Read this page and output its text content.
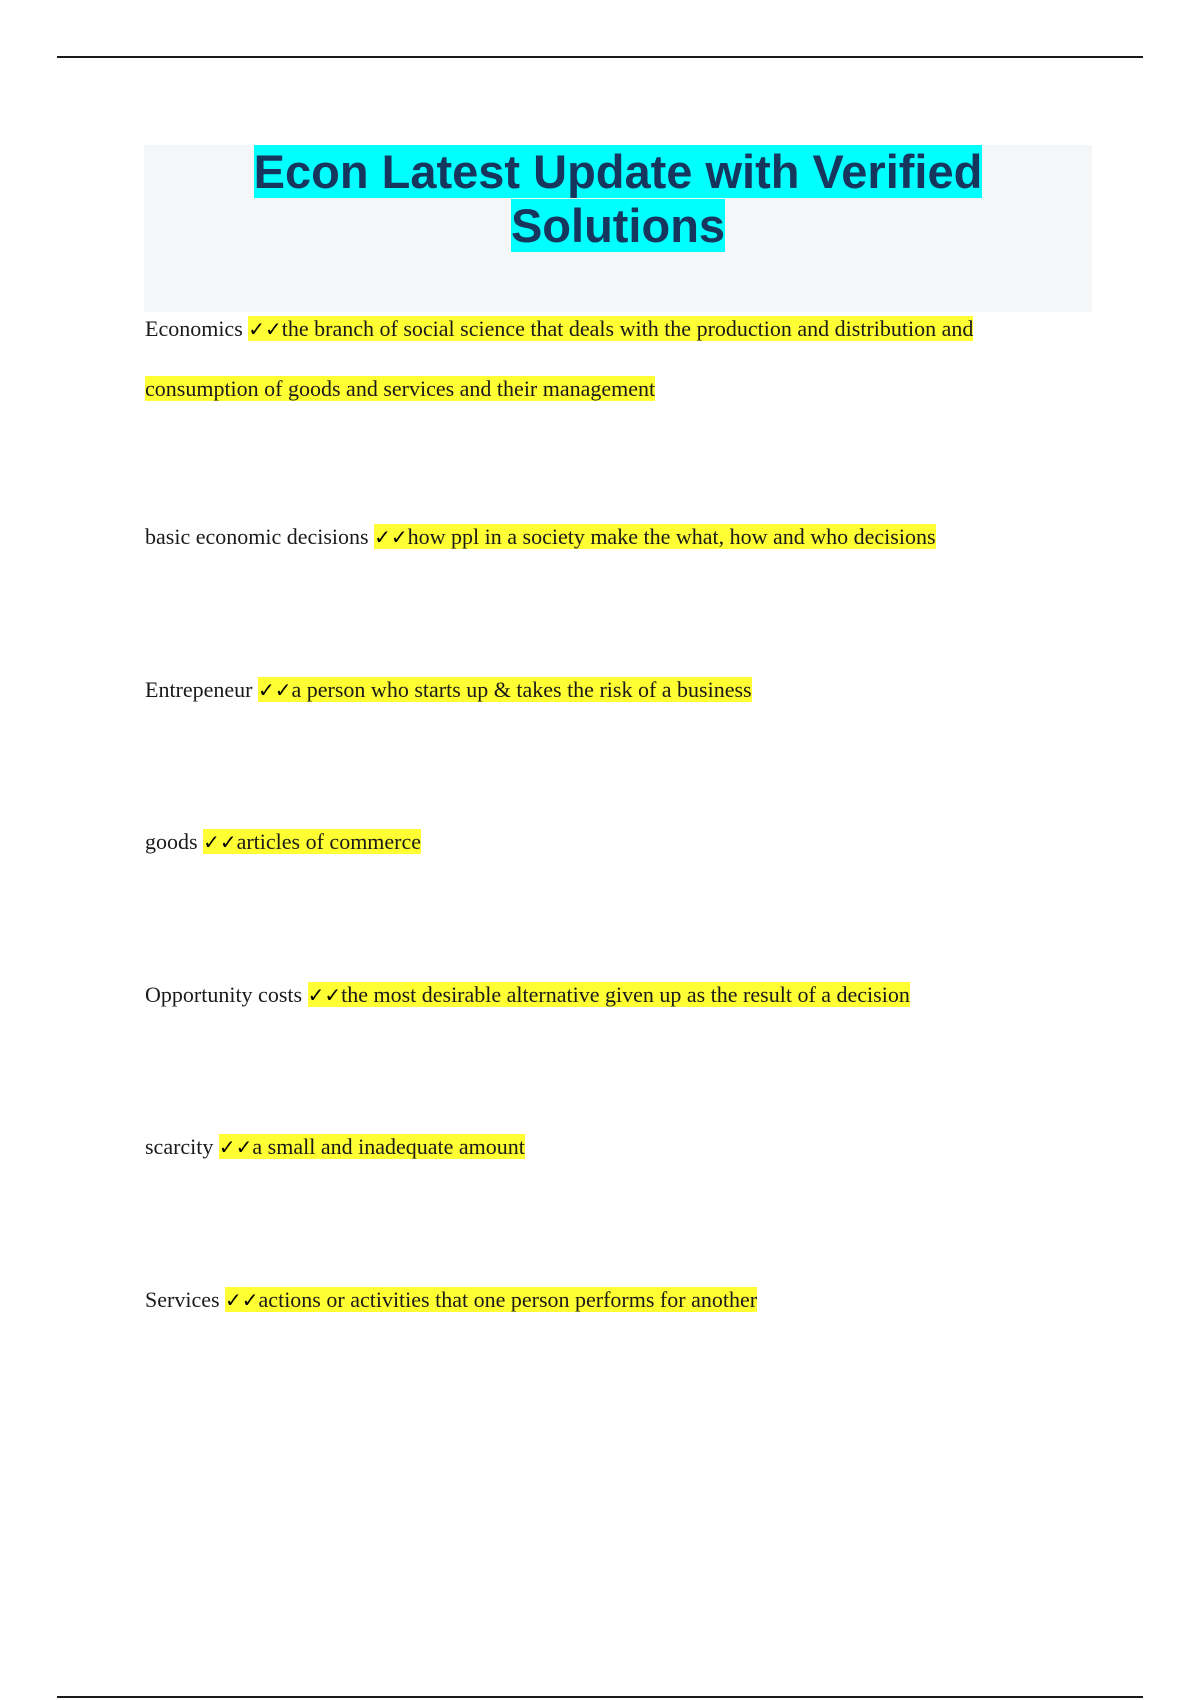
Econ Latest Update with Verified
Solutions
Economics ✓✓the branch of social science that deals with the production and distribution and consumption of goods and services and their management
basic economic decisions ✓✓how ppl in a society make the what, how and who decisions
Entrepeneur ✓✓a person who starts up & takes the risk of a business
goods ✓✓articles of commerce
Opportunity costs ✓✓the most desirable alternative given up as the result of a decision
scarcity ✓✓a small and inadequate amount
Services ✓✓actions or activities that one person performs for another
